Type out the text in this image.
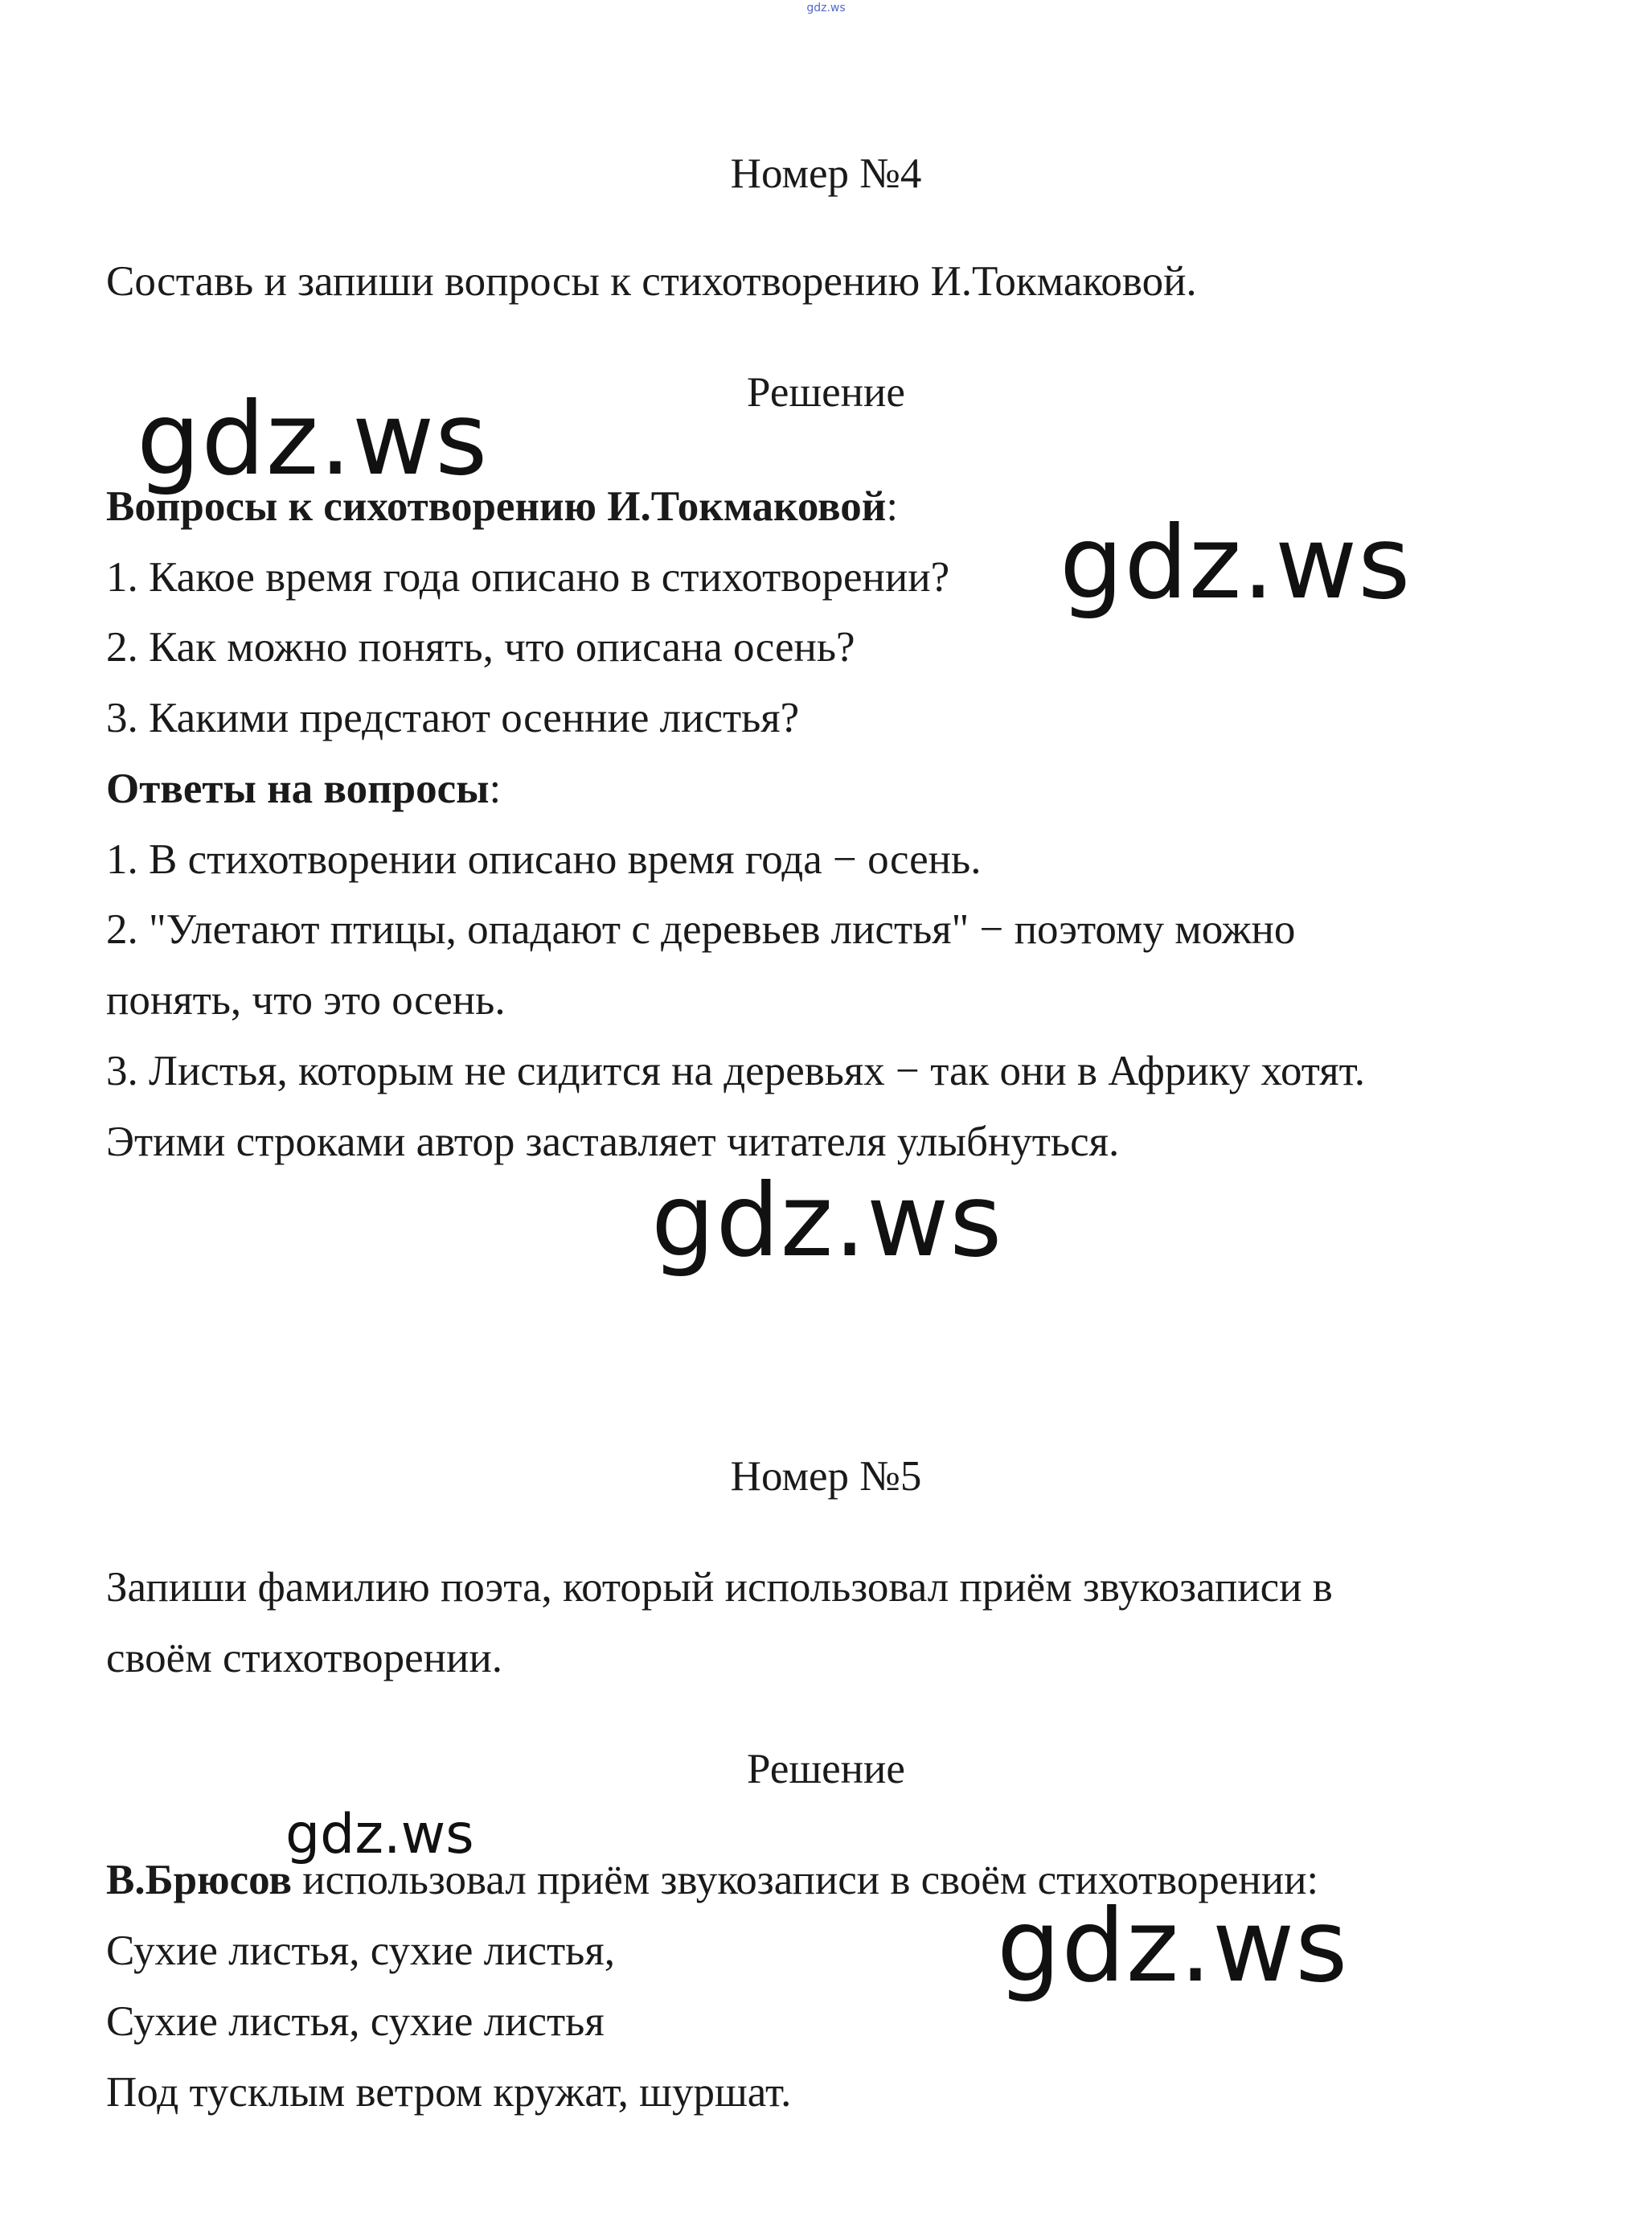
gdz.ws

Номер №4

Составь и запиши вопросы к стихотворению И.Токмаковой.

Решение

gdz.ws

Вопросы к сихотворению И.Токмаковой:

1. Какое время года описано в стихотворении?

2. Как можно понять, что описана осень?

3. Какими предстают осенние листья?

gdz.ws

Ответы на вопросы:

1. В стихотворении описано время года − осень.

2. "Улетают птицы, опадают с деревьев листья" − поэтому можно

понять, что это осень.

3. Листья, которым не сидится на деревьях − так они в Африку хотят.

Этими строками автор заставляет читателя улыбнуться.

gdz.ws

Номер №5

Запиши фамилию поэта, который использовал приём звукозаписи в

своём стихотворении.

Решение

gdz.ws

В.Брюсов использовал приём звукозаписи в своём стихотворении:

Сухие листья, сухие листья,

Сухие листья, сухие листья

Под тусклым ветром кружат, шуршат.

gdz.ws
